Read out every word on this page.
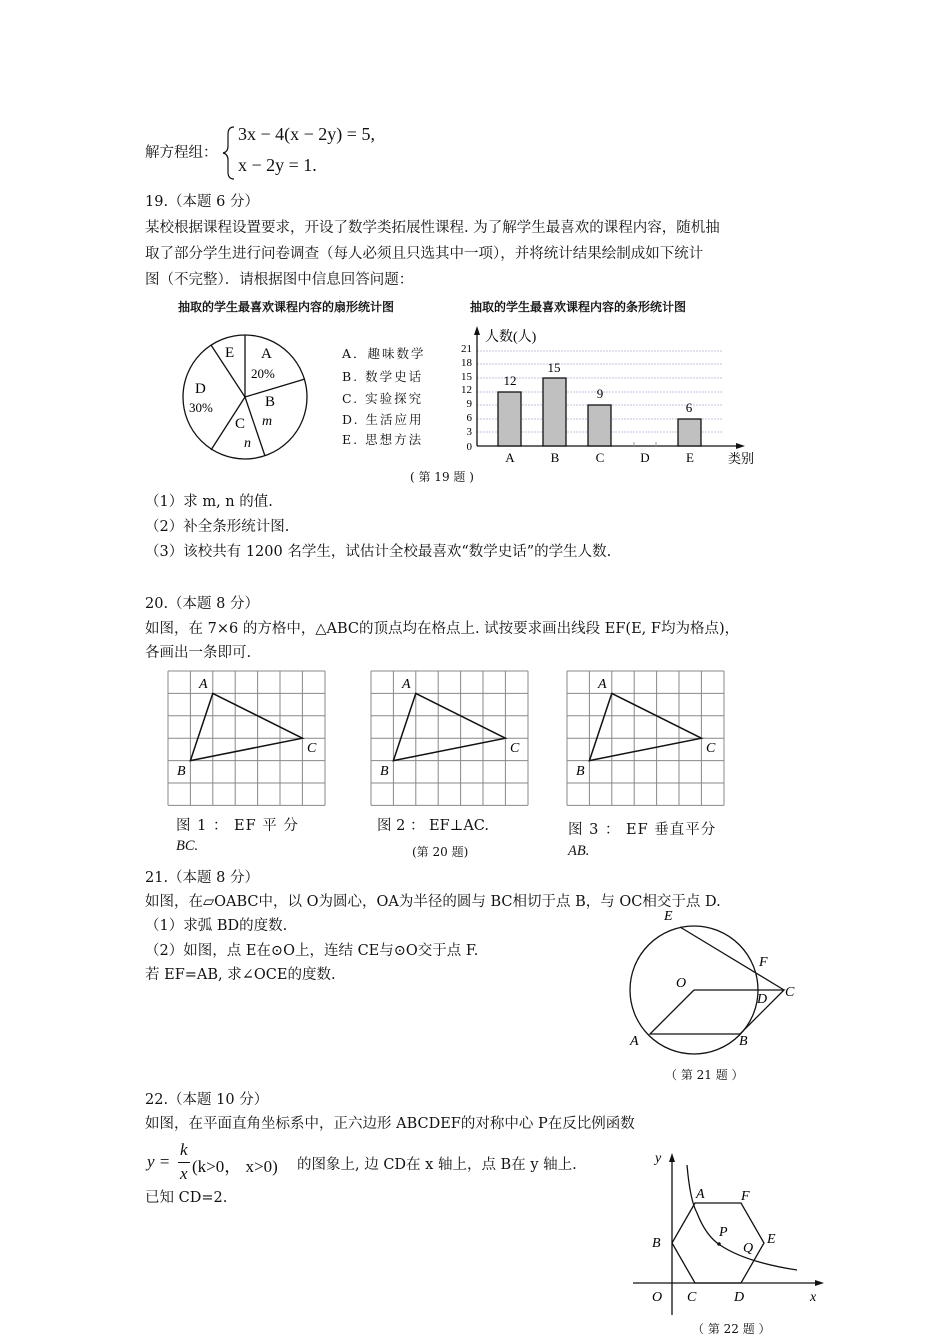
解方程组：
3x − 4(x − 2y) = 5,
x − 2y = 1.
19.（本题 6 分）
某校根据课程设置要求，开设了数学类拓展性课程. 为了解学生最喜欢的课程内容，随机抽
取了部分学生进行问卷调查（每人必须且只选其中一项），并将统计结果绘制成如下统计
图（不完整）．请根据图中信息回答问题：
抽取的学生最喜欢课程内容的扇形统计图	抽取的学生最喜欢课程内容的条形统计图
A
20%
B
m
C
n
D
30%
E	A．趣味数学
B. 数学史话
C. 实验探究
D. 生活应用
E. 思想方法	0
3
6
9
12
15
18
21
人数(人)
12
15
9
6
A	B	C	D	E	类别
( 第 19 题 )
（1）求 m, n 的值.
（2）补全条形统计图.
（3）该校共有 1200 名学生，试估计全校最喜欢“数学史话”的学生人数.
20.（本题 8 分）
如图，在 7×6 的方格中，△ABC的顶点均在格点上. 试按要求画出线段 EF(E, F均为格点)，
各画出一条即可.
A
B
C
A
B
C
A
B
C
图 1 ： EF 平 分
BC.
图 2 ： EF⊥AC.
(第 20 题)
图 3 ： EF 垂直平分
AB.
21.（本题 8 分）
如图，在▱OABC中，以 O为圆心，OA为半径的圆与 BC相切于点 B，与 OC相交于点 D.
（1）求弧 BD的度数.
（2）如图，点 E在⊙O上，连结 CE与⊙O交于点 F.
若 EF=AB, 求∠OCE的度数.
E
F
O
D C
A	B
（ 第 21 题 ）
22.（本题 10 分）
如图，在平面直角坐标系中，正六边形 ABCDEF的对称中心 P在反比例函数
y =
k
x (k>0， x>0) 的图象上, 边 CD在 x 轴上，点 B在 y 轴上.
已知 CD=2.
y
A	F
B
P
Q
E
O C	D	x
（ 第 22 题 ）
